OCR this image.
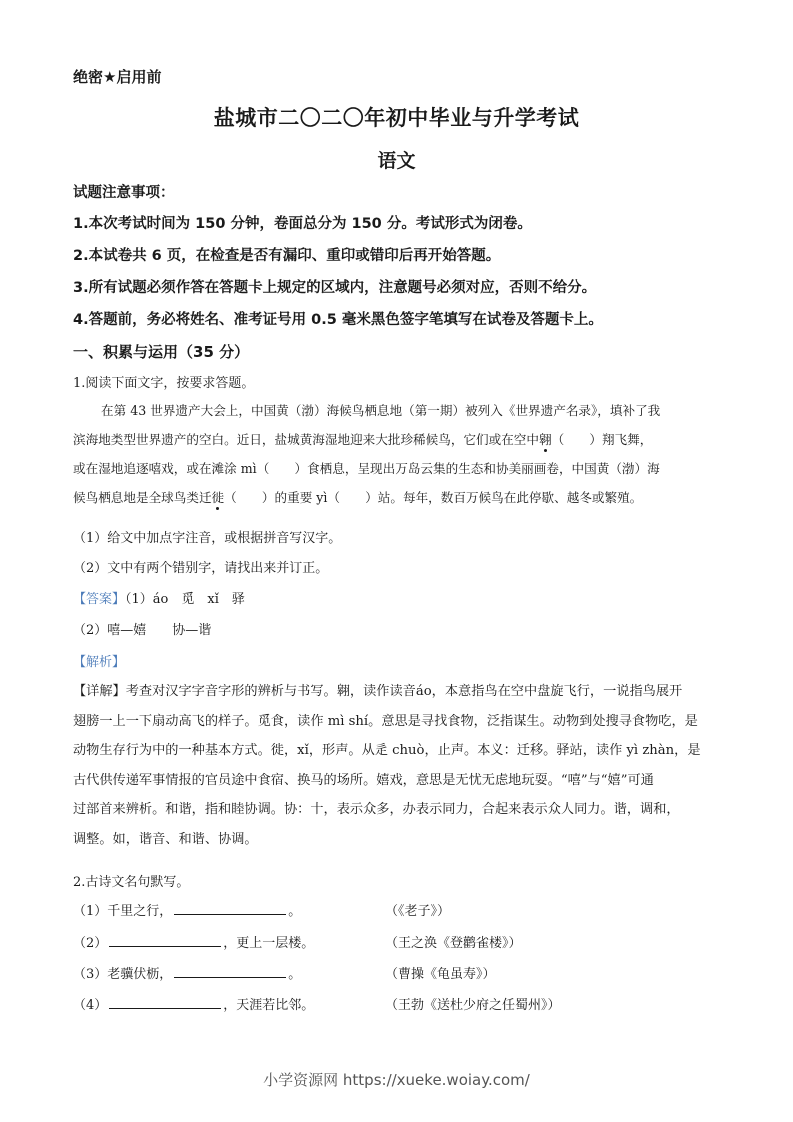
绝密★启用前
盐城市二〇二〇年初中毕业与升学考试
语文
试题注意事项：
1.本次考试时间为 150 分钟，卷面总分为 150 分。考试形式为闭卷。
2.本试卷共 6 页，在检查是否有漏印、重印或错印后再开始答题。
3.所有试题必须作答在答题卡上规定的区域内，注意题号必须对应，否则不给分。
4.答题前，务必将姓名、准考证号用 0.5 毫米黑色签字笔填写在试卷及答题卡上。
一、积累与运用（35 分）
1.阅读下面文字，按要求答题。

在第 43 世界遗产大会上，中国黄（渤）海候鸟栖息地（第一期）被列入《世界遗产名录》，填补了我

滨海地类型世界遗产的空白。近日，盐城黄海湿地迎来大批珍稀候鸟，它们或在空中翱（　　）翔飞舞，

或在湿地追逐嘻戏，或在滩涂 mì（　　）食栖息，呈现出万岛云集的生态和协美丽画卷，中国黄（渤）海

候鸟栖息地是全球鸟类迁徙（　　）的重要 yì（　　）站。每年，数百万候鸟在此停歇、越冬或繁殖。

（1）给文中加点字注音，或根据拼音写汉字。
（2）文中有两个错别字，请找出来并订正。
【答案】（1）áo　觅　xǐ　驿
（2）嘻—嬉　　协—谐
【解析】

【详解】考查对汉字字音字形的辨析与书写。翱，读作读音áo，本意指鸟在空中盘旋飞行，一说指鸟展开

翅膀一上一下扇动高飞的样子。觅食，读作 mì shí。意思是寻找食物，泛指谋生。动物到处搜寻食物吃，是

动物生存行为中的一种基本方式。徙，xǐ，形声。从辵 chuò，止声。本义：迁移。驿站，读作 yì zhàn，是

古代供传递军事情报的官员途中食宿、换马的场所。嬉戏，意思是无忧无虑地玩耍。“嘻”与“嬉”可通

过部首来辨析。和谐，指和睦协调。协：十，表示众多，办表示同力，合起来表示众人同力。谐，调和，

调整。如，谐音、和谐、协调。

2.古诗文名句默写。
（1）千里之行，	。	（《老子》）
（2）	，更上一层楼。	（王之涣《登鹳雀楼》）
（3）老骥伏枥，	。	（曹操《龟虽寿》）
（4）	，天涯若比邻。	（王勃《送杜少府之任蜀州》）
小学资源网 https://xueke.woiay.com/
